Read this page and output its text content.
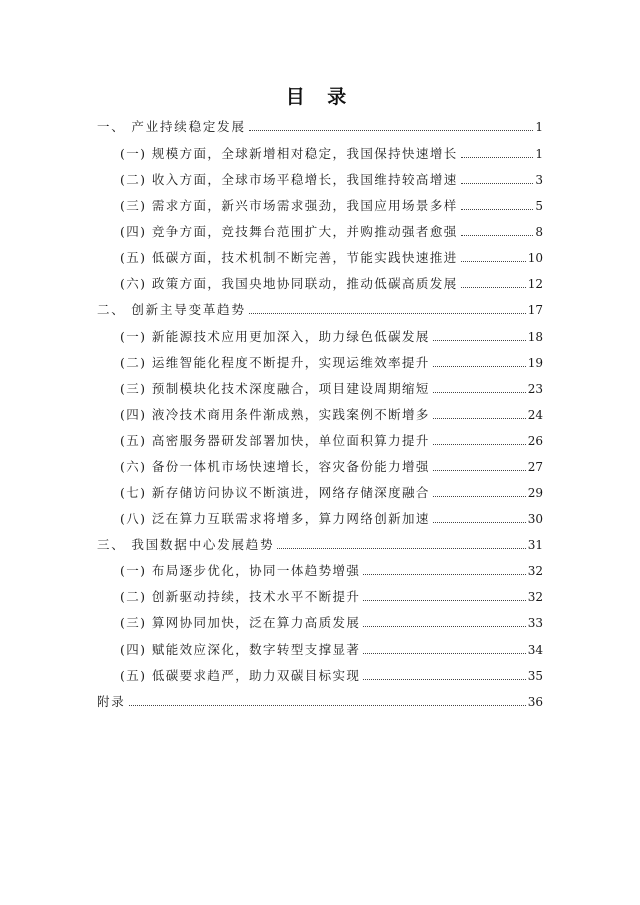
目 录
一、 产业持续稳定发展	1
(一) 规模方面，全球新增相对稳定，我国保持快速增长	1
(二) 收入方面，全球市场平稳增长，我国维持较高增速	3
(三) 需求方面，新兴市场需求强劲，我国应用场景多样	5
(四) 竞争方面，竞技舞台范围扩大，并购推动强者愈强	8
(五) 低碳方面，技术机制不断完善，节能实践快速推进	10
(六) 政策方面，我国央地协同联动，推动低碳高质发展	12
二、 创新主导变革趋势	17
(一) 新能源技术应用更加深入，助力绿色低碳发展	18
(二) 运维智能化程度不断提升，实现运维效率提升	19
(三) 预制模块化技术深度融合，项目建设周期缩短	23
(四) 液冷技术商用条件渐成熟，实践案例不断增多	24
(五) 高密服务器研发部署加快，单位面积算力提升	26
(六) 备份一体机市场快速增长，容灾备份能力增强	27
(七) 新存储访问协议不断演进，网络存储深度融合	29
(八) 泛在算力互联需求将增多，算力网络创新加速	30
三、 我国数据中心发展趋势	31
(一) 布局逐步优化，协同一体趋势增强	32
(二) 创新驱动持续，技术水平不断提升	32
(三) 算网协同加快，泛在算力高质发展	33
(四) 赋能效应深化，数字转型支撑显著	34
(五) 低碳要求趋严，助力双碳目标实现	35
附录	36
